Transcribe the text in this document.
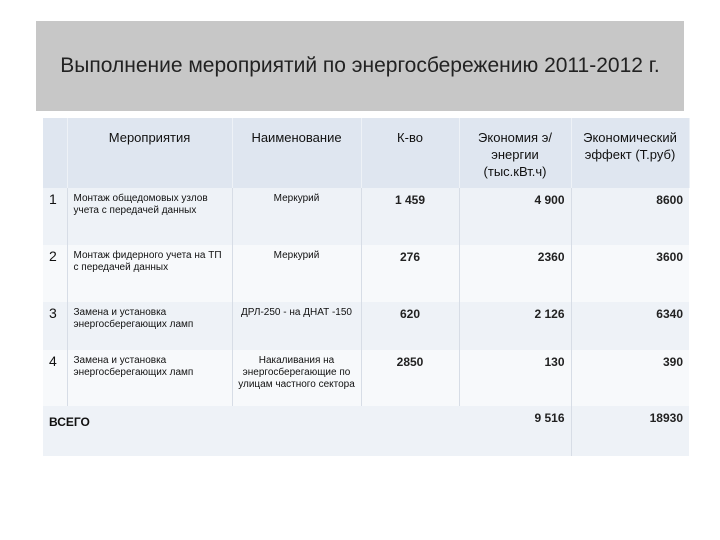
Выполнение мероприятий по энергосбережению 2011-2012 г.

	Мероприятия	Наименование	К-во	Экономия э/энергии (тыс.кВт.ч)	Экономический эффект (Т.руб)

1	Монтаж общедомовых узлов учета с передачей данных	Меркурий	1 459	4 900	8600
2	Монтаж фидерного учета на ТП с передачей данных	Меркурий	276	2360	3600
3	Замена и установка энергосберегающих ламп	ДРЛ-250 - на ДНАТ -150	620	2 126	6340
4	Замена и установка энергосберегающих ламп	Накаливания на энергосберегающие по улицам частного сектора	2850	130	390
ВСЕГО				9 516	18930
